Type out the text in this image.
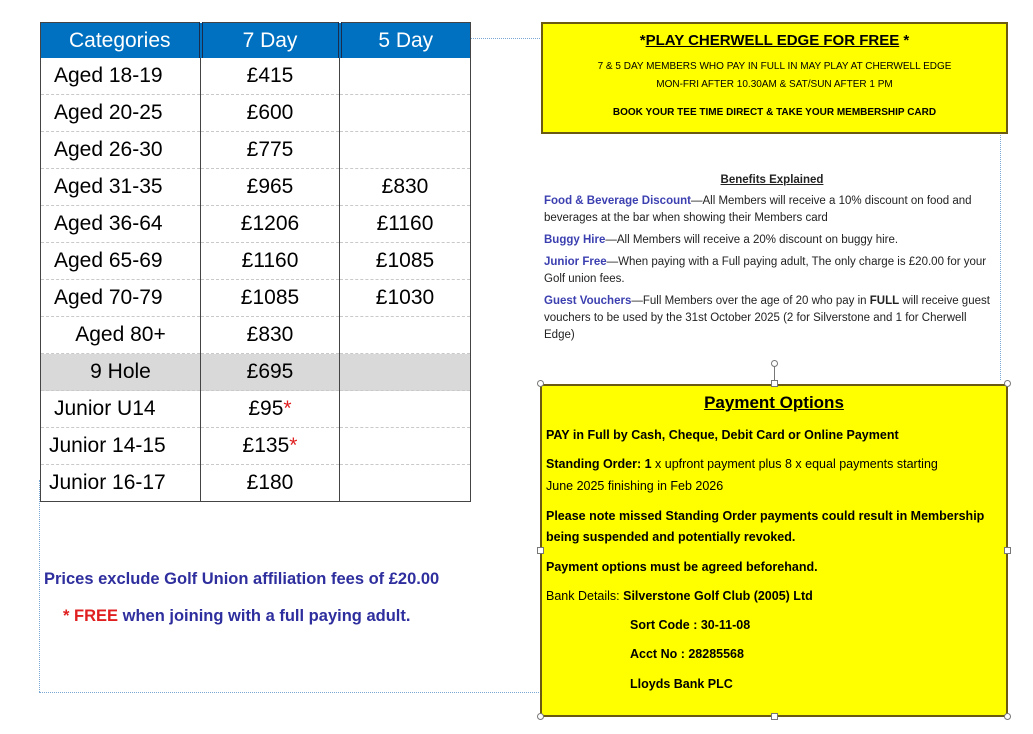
Categories	7 Day	5 Day
Aged 18-19	£415	
Aged 20-25	£600	
Aged 26-30	£775	
Aged 31-35	£965	£830
Aged 36-64	£1206	£1160
Aged 65-69	£1160	£1085
Aged 70-79	£1085	£1030
Aged 80+	£830	
9 Hole	£695	
Junior U14	£95*	
Junior 14-15	£135*	
Junior 16-17	£180	
Prices exclude Golf Union affiliation fees of £20.00
* FREE when joining with a full paying adult.
*PLAY CHERWELL EDGE FOR FREE *
7 & 5 DAY MEMBERS WHO PAY IN FULL IN MAY PLAY AT CHERWELL EDGE
MON-FRI AFTER 10.30AM & SAT/SUN AFTER 1 PM
BOOK YOUR TEE TIME DIRECT & TAKE YOUR MEMBERSHIP CARD
Benefits Explained
Food & Beverage Discount—All Members will receive a 10% discount on food and beverages at the bar when showing their Members card
Buggy Hire—All Members will receive a 20% discount on buggy hire.
Junior Free—When paying with a Full paying adult, The only charge is £20.00 for your Golf union fees.
Guest Vouchers—Full Members over the age of 20 who pay in FULL will receive guest vouchers to be used by the 31st October 2025 (2 for Silverstone and 1 for Cherwell Edge)
Payment Options
PAY in Full by Cash, Cheque, Debit Card or Online Payment
Standing Order: 1 x upfront payment plus 8 x equal payments starting
June 2025 finishing in Feb 2026
Please note missed Standing Order payments could result in Membership
being suspended and potentially revoked.
Payment options must be agreed beforehand.
Bank Details: Silverstone Golf Club (2005) Ltd
Sort Code : 30-11-08
Acct No : 28285568
Lloyds Bank PLC
